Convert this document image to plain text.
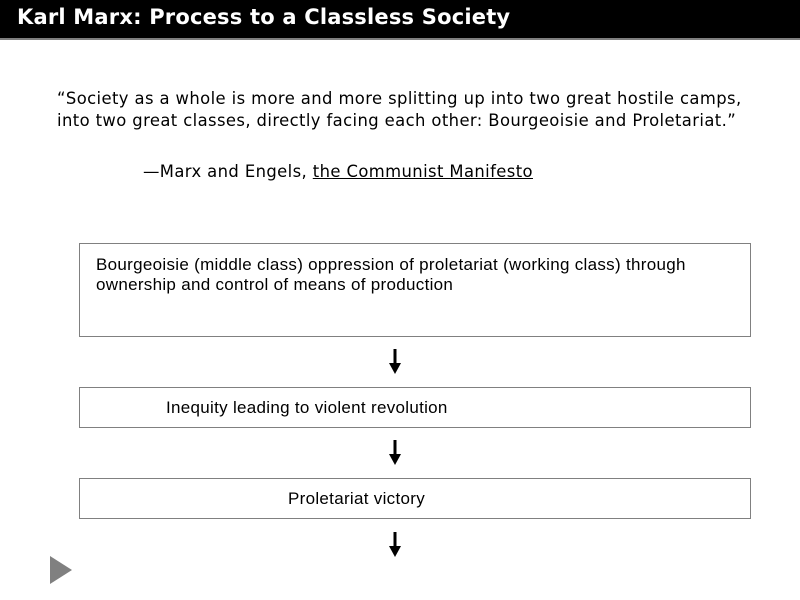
Karl Marx: Process to a Classless Society
“Society as a whole is more and more splitting up into two great hostile camps, into two great classes, directly facing each other: Bourgeoisie and Proletariat.”
—Marx and Engels, the Communist Manifesto
Bourgeoisie (middle class) oppression of proletariat (working class) through ownership and control of means of production
Inequity leading to violent revolution
Proletariat victory
